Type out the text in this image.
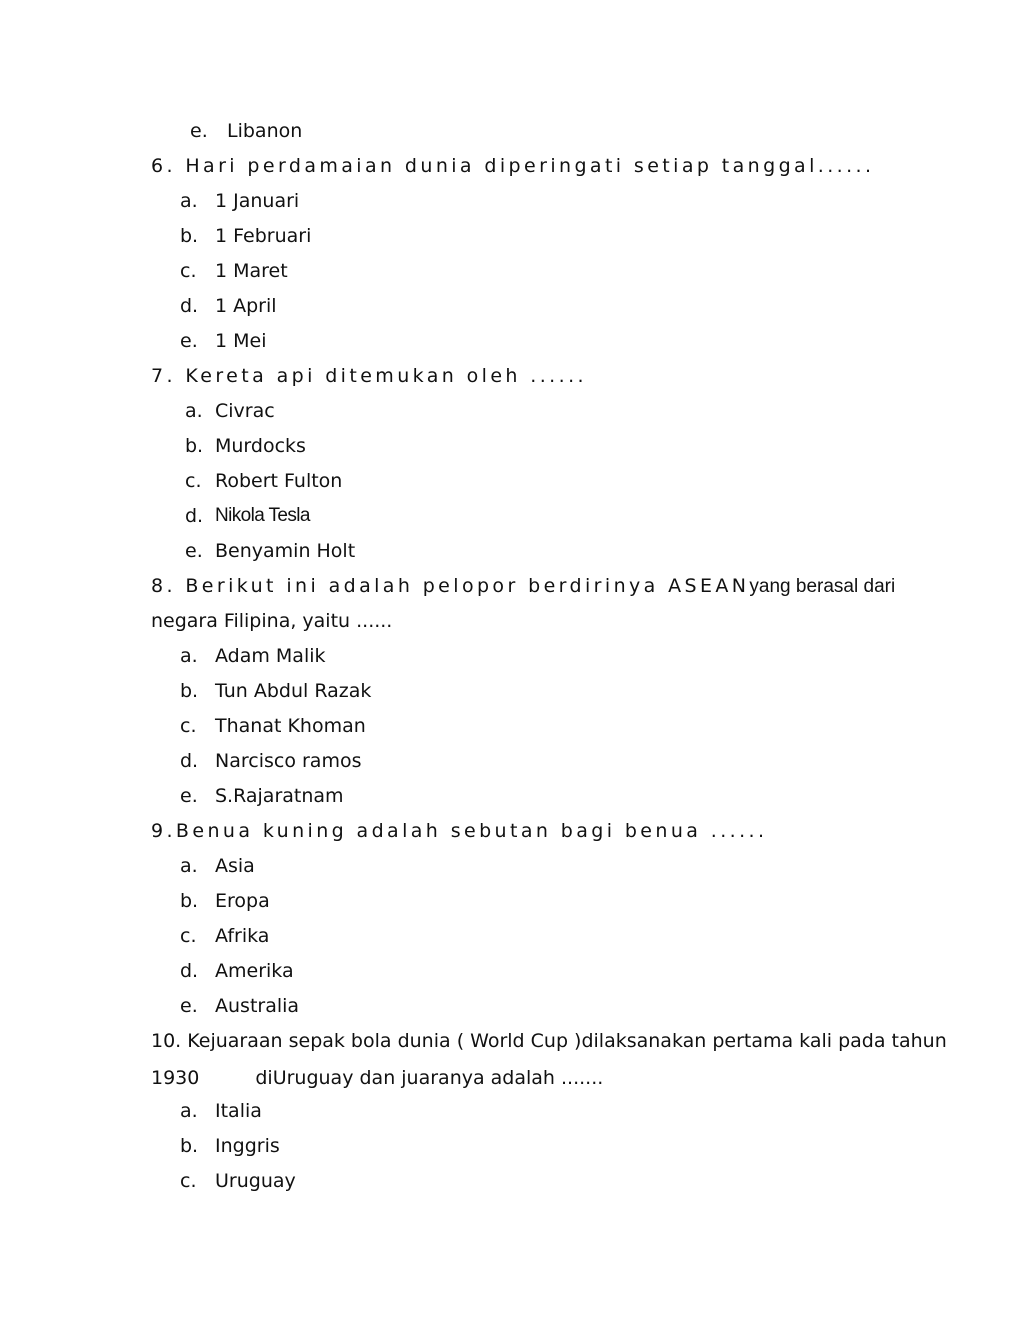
e.	Libanon
6. Hari perdamaian dunia diperingati setiap tanggal......
a. 1 Januari
b. 1 Februari
c. 1 Maret
d. 1 April
e. 1 Mei
7. Kereta api ditemukan oleh ......
a. Civrac
b. Murdocks
c. Robert Fulton
d. Nikola Tesla
e. Benyamin Holt
8. Berikut ini adalah pelopor berdirinya ASEANyang berasal dari
negara Filipina, yaitu ......
a. Adam Malik
b. Tun Abdul Razak
c. Thanat Khoman
d. Narcisco ramos
e. S.Rajaratnam
9.Benua kuning adalah sebutan bagi benua ......
a. Asia
b. Eropa
c. Afrika
d. Amerika
e. Australia
10. Kejuaraan sepak bola dunia ( World Cup )dilaksanakan pertama kali pada tahun
1930	diUruguay dan juaranya adalah .......
a. Italia
b. Inggris
c. Uruguay
